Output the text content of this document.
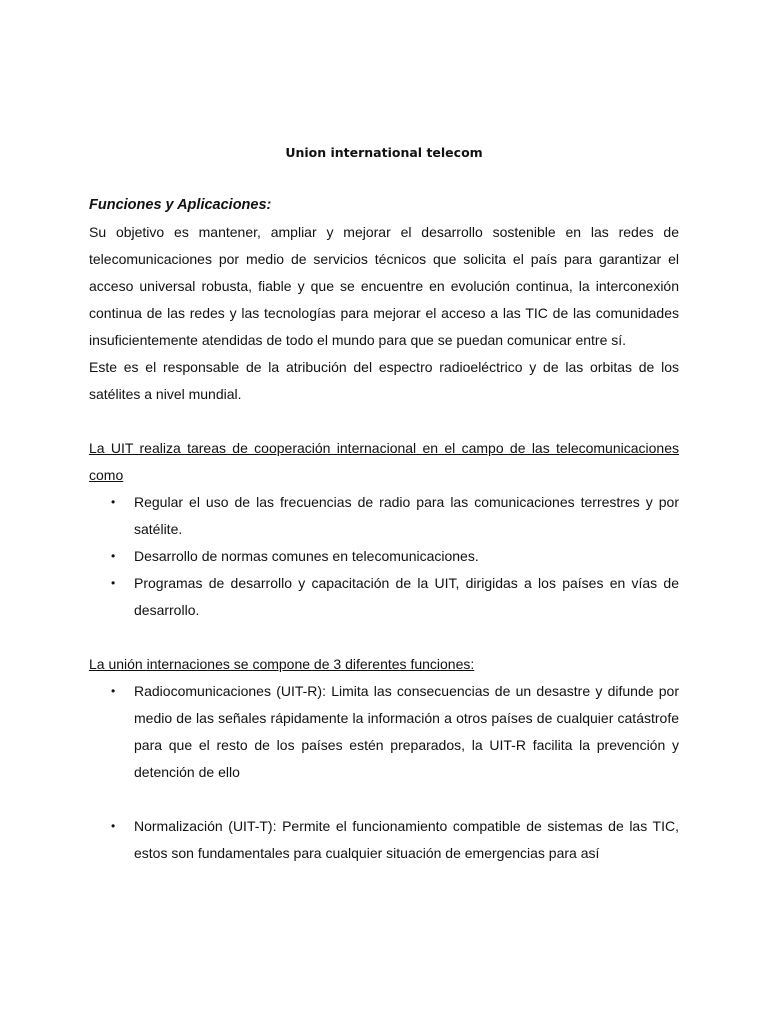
Union international telecom
Funciones y Aplicaciones:

Su objetivo es mantener, ampliar y mejorar el desarrollo sostenible en las redes de telecomunicaciones por medio de servicios técnicos que solicita el país para garantizar el acceso universal robusta, fiable y que se encuentre en evolución continua, la interconexión continua de las redes y las tecnologías para mejorar el acceso a las TIC de las comunidades insuficientemente atendidas de todo el mundo para que se puedan comunicar entre sí.

Este es el responsable de la atribución del espectro radioeléctrico y de las orbitas de los satélites a nivel mundial.

La UIT realiza tareas de cooperación internacional en el campo de las telecomunicaciones como

• Regular el uso de las frecuencias de radio para las comunicaciones terrestres y por satélite.
• Desarrollo de normas comunes en telecomunicaciones.
• Programas de desarrollo y capacitación de la UIT, dirigidas a los países en vías de desarrollo.

La unión internaciones se compone de 3 diferentes funciones:

• Radiocomunicaciones (UIT-R): Limita las consecuencias de un desastre y difunde por medio de las señales rápidamente la información a otros países de cualquier catástrofe para que el resto de los países estén preparados, la UIT-R facilita la prevención y detención de ello
• Normalización (UIT-T): Permite el funcionamiento compatible de sistemas de las TIC, estos son fundamentales para cualquier situación de emergencias para así
